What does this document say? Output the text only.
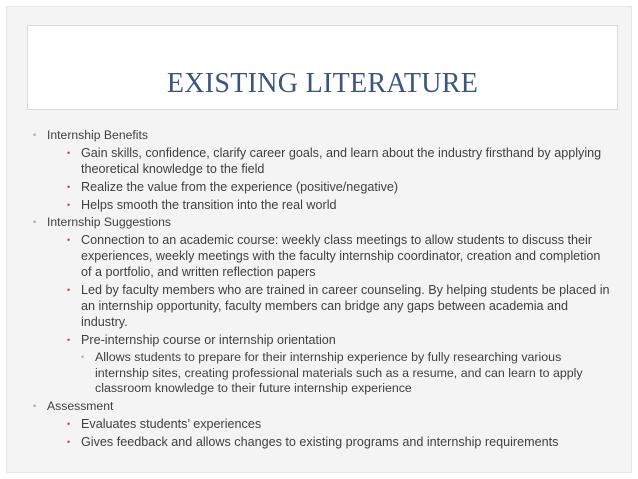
EXISTING LITERATURE
• Internship Benefits
• Gain skills, confidence, clarify career goals, and learn about the industry firsthand by applying theoretical knowledge to the field
• Realize the value from the experience (positive/negative)
• Helps smooth the transition into the real world
• Internship Suggestions
• Connection to an academic course: weekly class meetings to allow students to discuss their experiences, weekly meetings with the faculty internship coordinator, creation and completion of a portfolio, and written reflection papers
• Led by faculty members who are trained in career counseling. By helping students be placed in an internship opportunity, faculty members can bridge any gaps between academia and industry.
• Pre-internship course or internship orientation
• Allows students to prepare for their internship experience by fully researching various internship sites, creating professional materials such as a resume, and can learn to apply classroom knowledge to their future internship experience
• Assessment
• Evaluates students’ experiences
• Gives feedback and allows changes to existing programs and internship requirements
